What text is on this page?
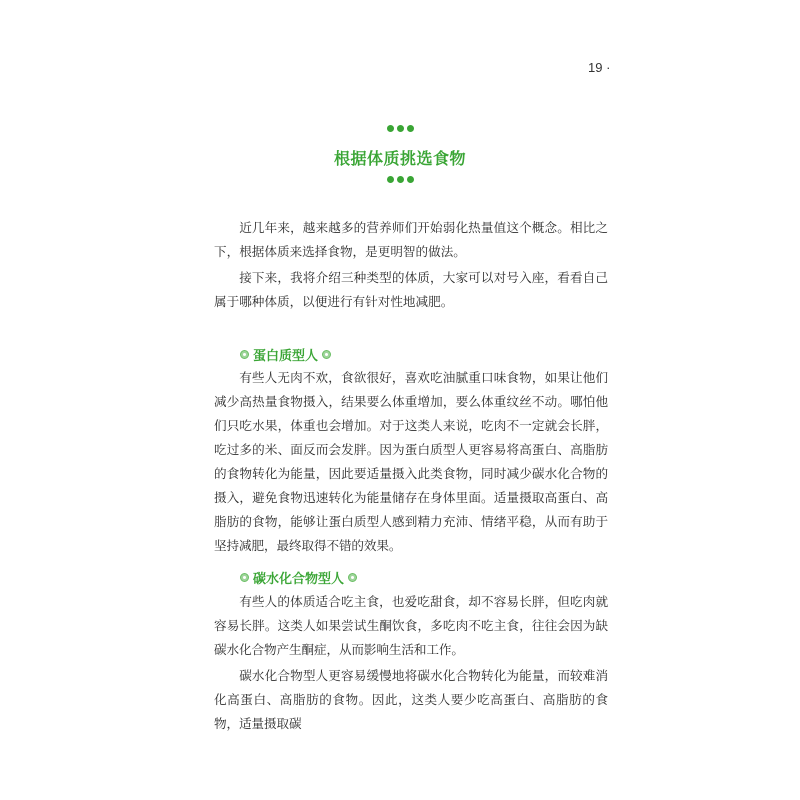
19 ·
根据体质挑选食物

近几年来，越来越多的营养师们开始弱化热量值这个概念。相比之下，根据体质来选择食物，是更明智的做法。

接下来，我将介绍三种类型的体质，大家可以对号入座，看看自己属于哪种体质，以便进行有针对性地减肥。

蛋白质型人

有些人无肉不欢，食欲很好，喜欢吃油腻重口味食物，如果让他们减少高热量食物摄入，结果要么体重增加，要么体重纹丝不动。哪怕他们只吃水果，体重也会增加。对于这类人来说，吃肉不一定就会长胖，吃过多的米、面反而会发胖。因为蛋白质型人更容易将高蛋白、高脂肪的食物转化为能量，因此要适量摄入此类食物，同时减少碳水化合物的摄入，避免食物迅速转化为能量储存在身体里面。适量摄取高蛋白、高脂肪的食物，能够让蛋白质型人感到精力充沛、情绪平稳，从而有助于坚持减肥，最终取得不错的效果。

碳水化合物型人

有些人的体质适合吃主食，也爱吃甜食，却不容易长胖，但吃肉就容易长胖。这类人如果尝试生酮饮食，多吃肉不吃主食，往往会因为缺碳水化合物产生酮症，从而影响生活和工作。

碳水化合物型人更容易缓慢地将碳水化合物转化为能量，而较难消化高蛋白、高脂肪的食物。因此，这类人要少吃高蛋白、高脂肪的食物，适量摄取碳
